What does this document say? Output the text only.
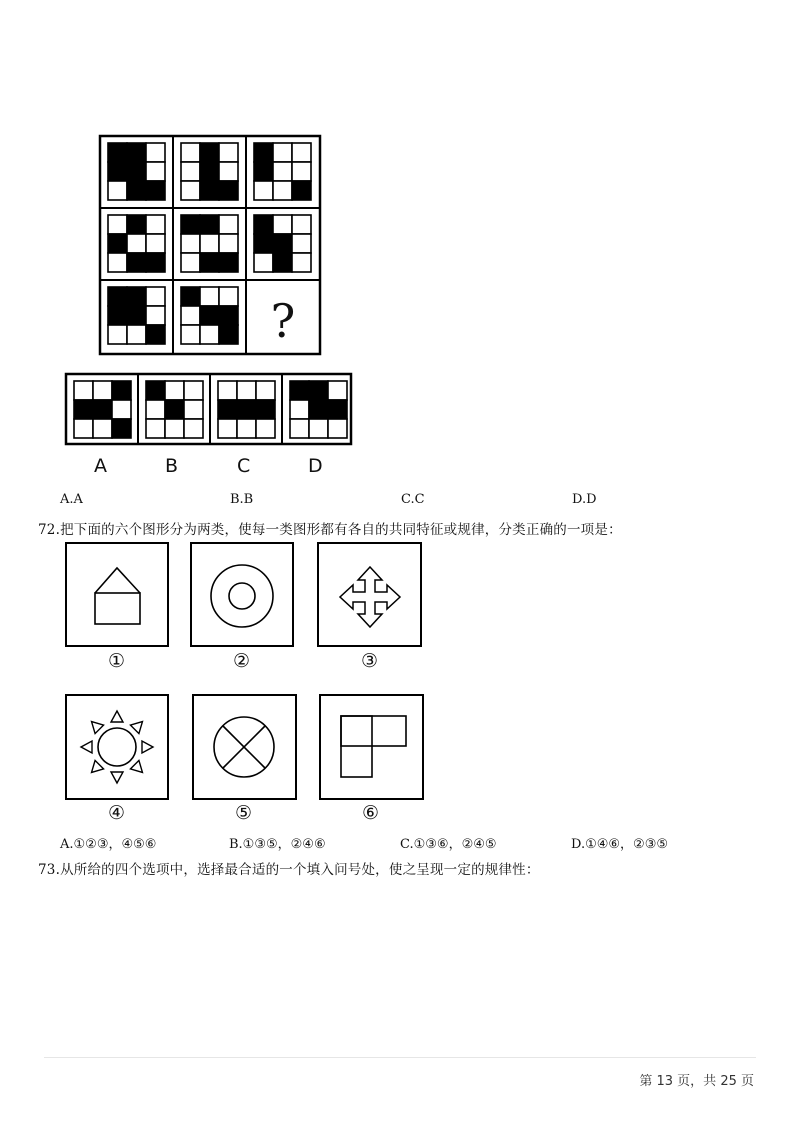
?
A	B	C	D
A.A	B.B	C.C	D.D
72.把下面的六个图形分为两类，使每一类图形都有各自的共同特征或规律，分类正确的一项是：
①	②	③
④	⑤	⑥
A.①②③，④⑤⑥	B.①③⑤，②④⑥	C.①③⑥，②④⑤	D.①④⑥，②③⑤
73.从所给的四个选项中，选择最合适的一个填入问号处，使之呈现一定的规律性：
第 13 页，共 25 页
